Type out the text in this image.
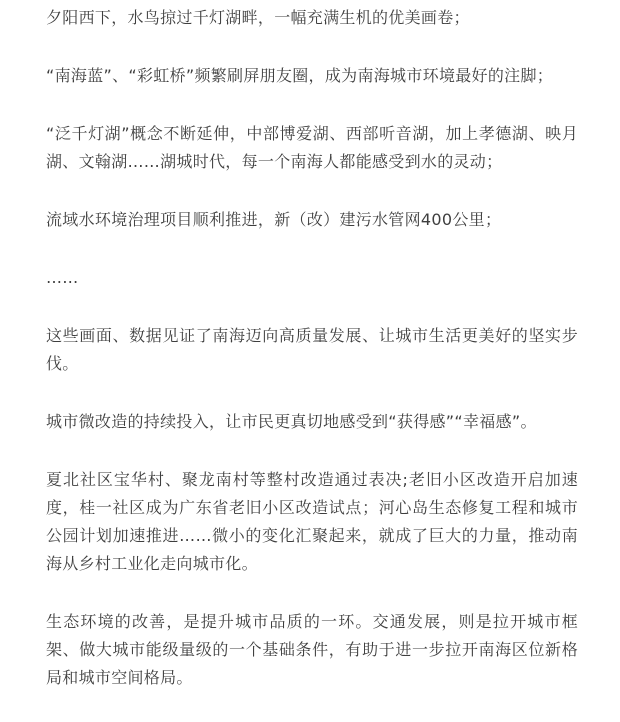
夕阳西下，水鸟掠过千灯湖畔，一幅充满生机的优美画卷；

“南海蓝”、“彩虹桥”频繁刷屏朋友圈，成为南海城市环境最好的注脚；

“泛千灯湖”概念不断延伸，中部博爱湖、西部听音湖，加上孝德湖、映月湖、文翰湖……湖城时代，每一个南海人都能感受到水的灵动；

流域水环境治理项目顺利推进，新（改）建污水管网400公里；

……

这些画面、数据见证了南海迈向高质量发展、让城市生活更美好的坚实步伐。

城市微改造的持续投入，让市民更真切地感受到“获得感”“幸福感”。

夏北社区宝华村、聚龙南村等整村改造通过表决;老旧小区改造开启加速度，桂一社区成为广东省老旧小区改造试点；河心岛生态修复工程和城市公园计划加速推进……微小的变化汇聚起来，就成了巨大的力量，推动南海从乡村工业化走向城市化。

生态环境的改善，是提升城市品质的一环。交通发展，则是拉开城市框架、做大城市能级量级的一个基础条件，有助于进一步拉开南海区位新格局和城市空间格局。
